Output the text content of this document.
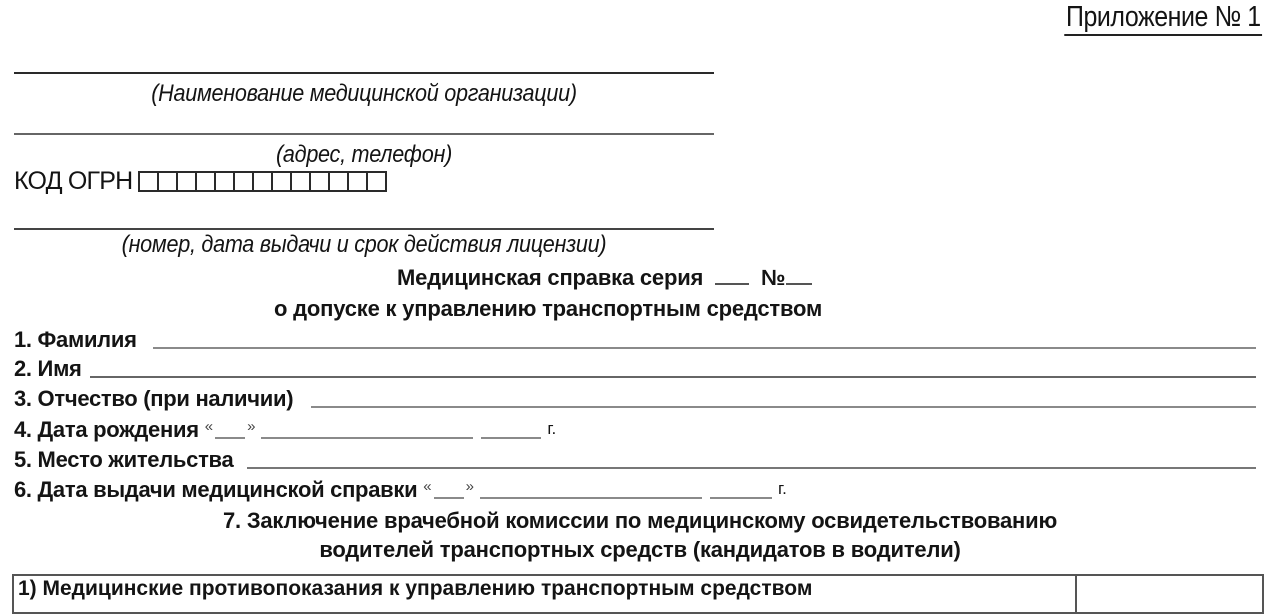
Приложение № 1
(Наименование медицинской организации)
(адрес, телефон)
КОД ОГРН
(номер, дата выдачи и срок действия лицензии)
Медицинская справка серия	№
о допуске к управлению транспортным средством
1. Фамилия
2. Имя
3. Отчество (при наличии)
4. Дата рождения « »	г.
5. Место жительства
6. Дата выдачи медицинской справки « »	г.
7. Заключение врачебной комиссии по медицинскому освидетельствованию
водителей транспортных средств (кандидатов в водители)
1) Медицинские противопоказания к управлению транспортным средством
